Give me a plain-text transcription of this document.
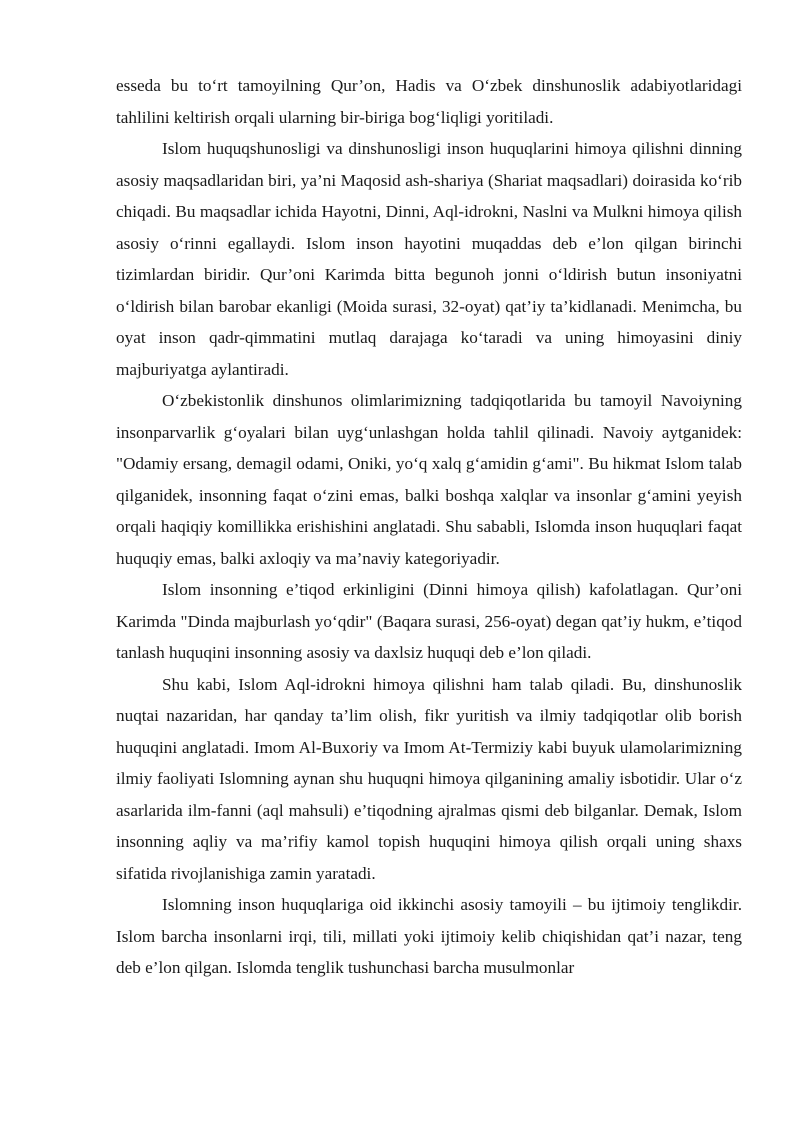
esseda bu to‘rt tamoyilning Qur’on, Hadis va O‘zbek dinshunoslik adabiyotlaridagi tahlilini keltirish orqali ularning bir-biriga bog‘liqligi yoritiladi.

Islom huquqshunosligi va dinshunosligi inson huquqlarini himoya qilishni dinning asosiy maqsadlaridan biri, ya’ni Maqosid ash-shariya (Shariat maqsadlari) doirasida ko‘rib chiqadi. Bu maqsadlar ichida Hayotni, Dinni, Aql-idrokni, Naslni va Mulkni himoya qilish asosiy o‘rinni egallaydi. Islom inson hayotini muqaddas deb e’lon qilgan birinchi tizimlardan biridir. Qur’oni Karimda bitta begunoh jonni o‘ldirish butun insoniyatni o‘ldirish bilan barobar ekanligi (Moida surasi, 32-oyat) qat’iy ta’kidlanadi. Menimcha, bu oyat inson qadr-qimmatini mutlaq darajaga ko‘taradi va uning himoyasini diniy majburiyatga aylantiradi.

O‘zbekistonlik dinshunos olimlarimizning tadqiqotlarida bu tamoyil Navoiyning insonparvarlik g‘oyalari bilan uyg‘unlashgan holda tahlil qilinadi. Navoiy aytganidek: "Odamiy ersang, demagil odami, Oniki, yo‘q xalq g‘amidin g‘ami". Bu hikmat Islom talab qilganidek, insonning faqat o‘zini emas, balki boshqa xalqlar va insonlar g‘amini yeyish orqali haqiqiy komillikka erishishini anglatadi. Shu sababli, Islomda inson huquqlari faqat huquqiy emas, balki axloqiy va ma’naviy kategoriyadir.

Islom insonning e’tiqod erkinligini (Dinni himoya qilish) kafolatlagan. Qur’oni Karimda "Dinda majburlash yo‘qdir" (Baqara surasi, 256-oyat) degan qat’iy hukm, e’tiqod tanlash huquqini insonning asosiy va daxlsiz huquqi deb e’lon qiladi.

Shu kabi, Islom Aql-idrokni himoya qilishni ham talab qiladi. Bu, dinshunoslik nuqtai nazaridan, har qanday ta’lim olish, fikr yuritish va ilmiy tadqiqotlar olib borish huquqini anglatadi. Imom Al-Buxoriy va Imom At-Termiziy kabi buyuk ulamolarimizning ilmiy faoliyati Islomning aynan shu huquqni himoya qilganining amaliy isbotidir. Ular o‘z asarlarida ilm-fanni (aql mahsuli) e’tiqodning ajralmas qismi deb bilganlar. Demak, Islom insonning aqliy va ma’rifiy kamol topish huquqini himoya qilish orqali uning shaxs sifatida rivojlanishiga zamin yaratadi.

Islomning inson huquqlariga oid ikkinchi asosiy tamoyili – bu ijtimoiy tenglikdir. Islom barcha insonlarni irqi, tili, millati yoki ijtimoiy kelib chiqishidan qat’i nazar, teng deb e’lon qilgan. Islomda tenglik tushunchasi barcha musulmonlar
